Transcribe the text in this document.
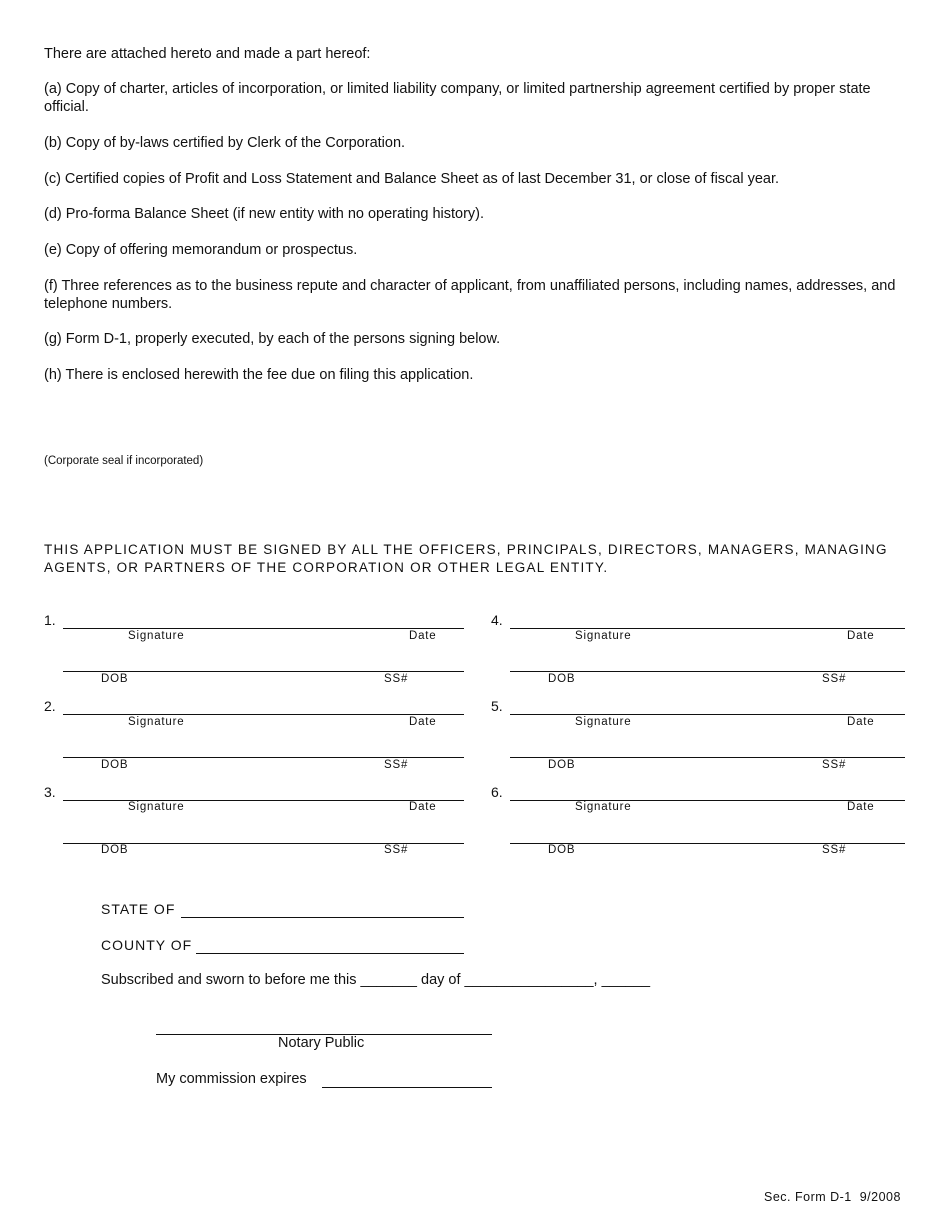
There are attached hereto and made a part hereof:
(a) Copy of charter, articles of incorporation, or limited liability company, or limited partnership agreement certified by proper state official.
(b) Copy of by-laws certified by Clerk of the Corporation.
(c) Certified copies of Profit and Loss Statement and Balance Sheet as of last December 31, or close of fiscal year.
(d) Pro-forma Balance Sheet (if new entity with no operating history).
(e) Copy of offering memorandum or prospectus.
(f) Three references as to the business repute and character of applicant, from unaffiliated persons, including names, addresses, and telephone numbers.
(g) Form D-1, properly executed, by each of the persons signing below.
(h) There is enclosed herewith the fee due on filing this application.
(Corporate seal if incorporated)
THIS APPLICATION MUST BE SIGNED BY ALL THE OFFICERS, PRINCIPALS, DIRECTORS, MANAGERS, MANAGING AGENTS, OR PARTNERS OF THE CORPORATION OR OTHER LEGAL ENTITY.
1.
Signature	Date
DOB	SS#
2.
Signature	Date
DOB	SS#
3.
Signature	Date
DOB	SS#
4.
Signature	Date
DOB	SS#
5.
Signature	Date
DOB	SS#
6.
Signature	Date
DOB	SS#
STATE OF
COUNTY OF
Subscribed and sworn to before me this _______ day of ________________, ______
Notary Public
My commission expires
Sec. Form D-1  9/2008
